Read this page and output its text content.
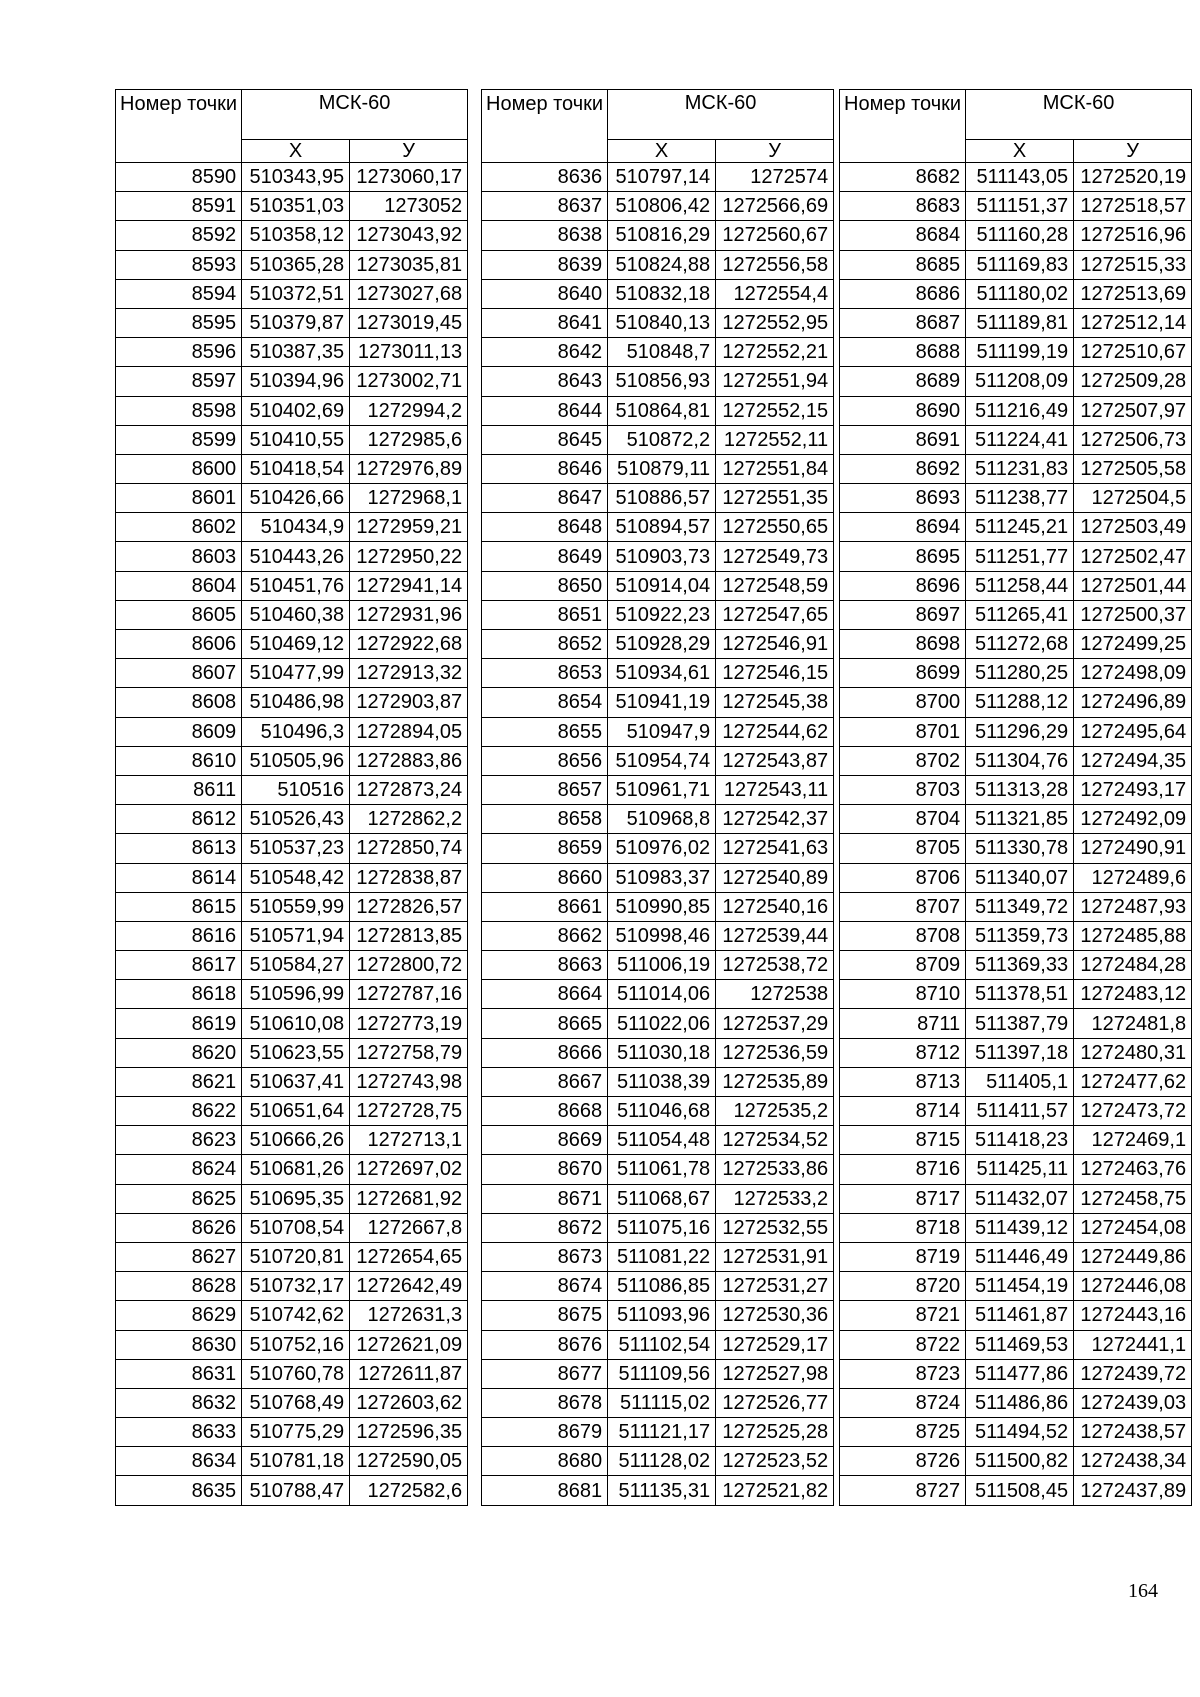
Номер точки	МСК-60	
	Х	У
8590	510343,95	1273060,17
8591	510351,03	1273052
8592	510358,12	1273043,92
8593	510365,28	1273035,81
8594	510372,51	1273027,68
8595	510379,87	1273019,45
8596	510387,35	1273011,13
8597	510394,96	1273002,71
8598	510402,69	1272994,2
8599	510410,55	1272985,6
8600	510418,54	1272976,89
8601	510426,66	1272968,1
8602	510434,9	1272959,21
8603	510443,26	1272950,22
8604	510451,76	1272941,14
8605	510460,38	1272931,96
8606	510469,12	1272922,68
8607	510477,99	1272913,32
8608	510486,98	1272903,87
8609	510496,3	1272894,05
8610	510505,96	1272883,86
8611	510516	1272873,24
8612	510526,43	1272862,2
8613	510537,23	1272850,74
8614	510548,42	1272838,87
8615	510559,99	1272826,57
8616	510571,94	1272813,85
8617	510584,27	1272800,72
8618	510596,99	1272787,16
8619	510610,08	1272773,19
8620	510623,55	1272758,79
8621	510637,41	1272743,98
8622	510651,64	1272728,75
8623	510666,26	1272713,1
8624	510681,26	1272697,02
8625	510695,35	1272681,92
8626	510708,54	1272667,8
8627	510720,81	1272654,65
8628	510732,17	1272642,49
8629	510742,62	1272631,3
8630	510752,16	1272621,09
8631	510760,78	1272611,87
8632	510768,49	1272603,62
8633	510775,29	1272596,35
8634	510781,18	1272590,05
8635	510788,47	1272582,6
Номер точки	МСК-60	
	Х	У
8636	510797,14	1272574
8637	510806,42	1272566,69
8638	510816,29	1272560,67
8639	510824,88	1272556,58
8640	510832,18	1272554,4
8641	510840,13	1272552,95
8642	510848,7	1272552,21
8643	510856,93	1272551,94
8644	510864,81	1272552,15
8645	510872,2	1272552,11
8646	510879,11	1272551,84
8647	510886,57	1272551,35
8648	510894,57	1272550,65
8649	510903,73	1272549,73
8650	510914,04	1272548,59
8651	510922,23	1272547,65
8652	510928,29	1272546,91
8653	510934,61	1272546,15
8654	510941,19	1272545,38
8655	510947,9	1272544,62
8656	510954,74	1272543,87
8657	510961,71	1272543,11
8658	510968,8	1272542,37
8659	510976,02	1272541,63
8660	510983,37	1272540,89
8661	510990,85	1272540,16
8662	510998,46	1272539,44
8663	511006,19	1272538,72
8664	511014,06	1272538
8665	511022,06	1272537,29
8666	511030,18	1272536,59
8667	511038,39	1272535,89
8668	511046,68	1272535,2
8669	511054,48	1272534,52
8670	511061,78	1272533,86
8671	511068,67	1272533,2
8672	511075,16	1272532,55
8673	511081,22	1272531,91
8674	511086,85	1272531,27
8675	511093,96	1272530,36
8676	511102,54	1272529,17
8677	511109,56	1272527,98
8678	511115,02	1272526,77
8679	511121,17	1272525,28
8680	511128,02	1272523,52
8681	511135,31	1272521,82
Номер точки	МСК-60	
	Х	У
8682	511143,05	1272520,19
8683	511151,37	1272518,57
8684	511160,28	1272516,96
8685	511169,83	1272515,33
8686	511180,02	1272513,69
8687	511189,81	1272512,14
8688	511199,19	1272510,67
8689	511208,09	1272509,28
8690	511216,49	1272507,97
8691	511224,41	1272506,73
8692	511231,83	1272505,58
8693	511238,77	1272504,5
8694	511245,21	1272503,49
8695	511251,77	1272502,47
8696	511258,44	1272501,44
8697	511265,41	1272500,37
8698	511272,68	1272499,25
8699	511280,25	1272498,09
8700	511288,12	1272496,89
8701	511296,29	1272495,64
8702	511304,76	1272494,35
8703	511313,28	1272493,17
8704	511321,85	1272492,09
8705	511330,78	1272490,91
8706	511340,07	1272489,6
8707	511349,72	1272487,93
8708	511359,73	1272485,88
8709	511369,33	1272484,28
8710	511378,51	1272483,12
8711	511387,79	1272481,8
8712	511397,18	1272480,31
8713	511405,1	1272477,62
8714	511411,57	1272473,72
8715	511418,23	1272469,1
8716	511425,11	1272463,76
8717	511432,07	1272458,75
8718	511439,12	1272454,08
8719	511446,49	1272449,86
8720	511454,19	1272446,08
8721	511461,87	1272443,16
8722	511469,53	1272441,1
8723	511477,86	1272439,72
8724	511486,86	1272439,03
8725	511494,52	1272438,57
8726	511500,82	1272438,34
8727	511508,45	1272437,89
164
